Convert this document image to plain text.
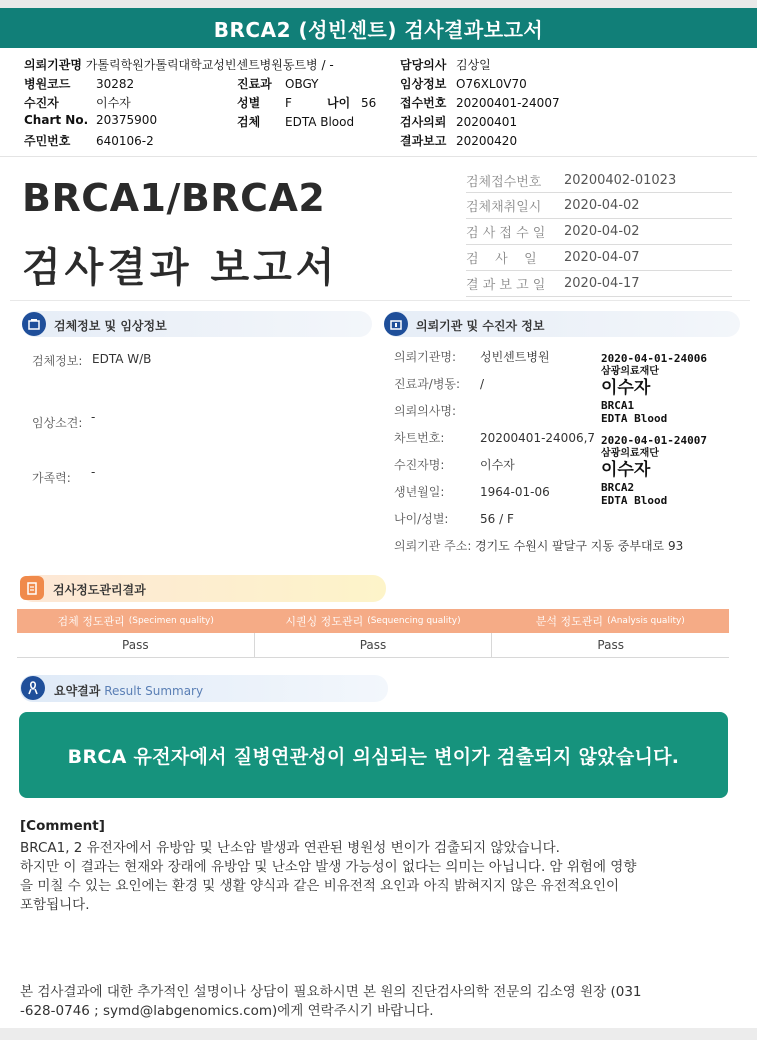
BRCA2 (성빈센트) 검사결과보고서
의뢰기관명 가톨릭학원가톨릭대학교성빈센트병원동트병 / -
병원코드 30282
수진자	이수자
Chart No. 20375900
주민번호 640106-2
진료과 OBGY
성별 F	나이 56
검체 EDTA Blood
담당의사 김상일
임상정보 O76XL0V70
접수번호 20200401-24007
검사의뢰 20200401
결과보고 20200420
BRCA1/BRCA2
검사결과 보고서
검체접수번호	20200402-01023
검체채취일시	2020-04-02
검 사 접 수 일	2020-04-02
검    사    일	2020-04-07
결 과 보 고 일	2020-04-17
검체정보 및 임상정보
검체정보: EDTA W/B
임상소견: -
가족력: -
의뢰기관 및 수진자 정보
의뢰기관명:	성빈센트병원
진료과/병동:	/
의뢰의사명:
차트번호:	20200401-24006,7
수진자명:	이수자
생년월일:	1964-01-06
나이/성별:	56 / F
의뢰기관 주소: 경기도 수원시 팔달구 지동 중부대로 93
2020-04-01-24006
삼광의료재단
이수자
BRCA1
EDTA Blood
2020-04-01-24007
삼광의료재단
이수자
BRCA2
EDTA Blood
검사정도관리결과
검체 정도관리 (Specimen quality)	시퀀싱 정도관리 (Sequencing quality)	분석 정도관리 (Analysis quality)
Pass	Pass	Pass
요약결과 Result Summary
BRCA 유전자에서 질병연관성이 의심되는 변이가 검출되지 않았습니다.
[Comment]
BRCA1, 2 유전자에서 유방암 및 난소암 발생과 연관된 병원성 변이가 검출되지 않았습니다.
하지만 이 결과는 현재와 장래에 유방암 및 난소암 발생 가능성이 없다는 의미는 아닙니다. 암 위험에 영향
을 미칠 수 있는 요인에는 환경 및 생활 양식과 같은 비유전적 요인과 아직 밝혀지지 않은 유전적요인이
포함됩니다.
본 검사결과에 대한 추가적인 설명이나 상담이 필요하시면 본 원의 진단검사의학 전문의 김소영 원장 (031
-628-0746 ; symd@labgenomics.com)에게 연락주시기 바랍니다.
